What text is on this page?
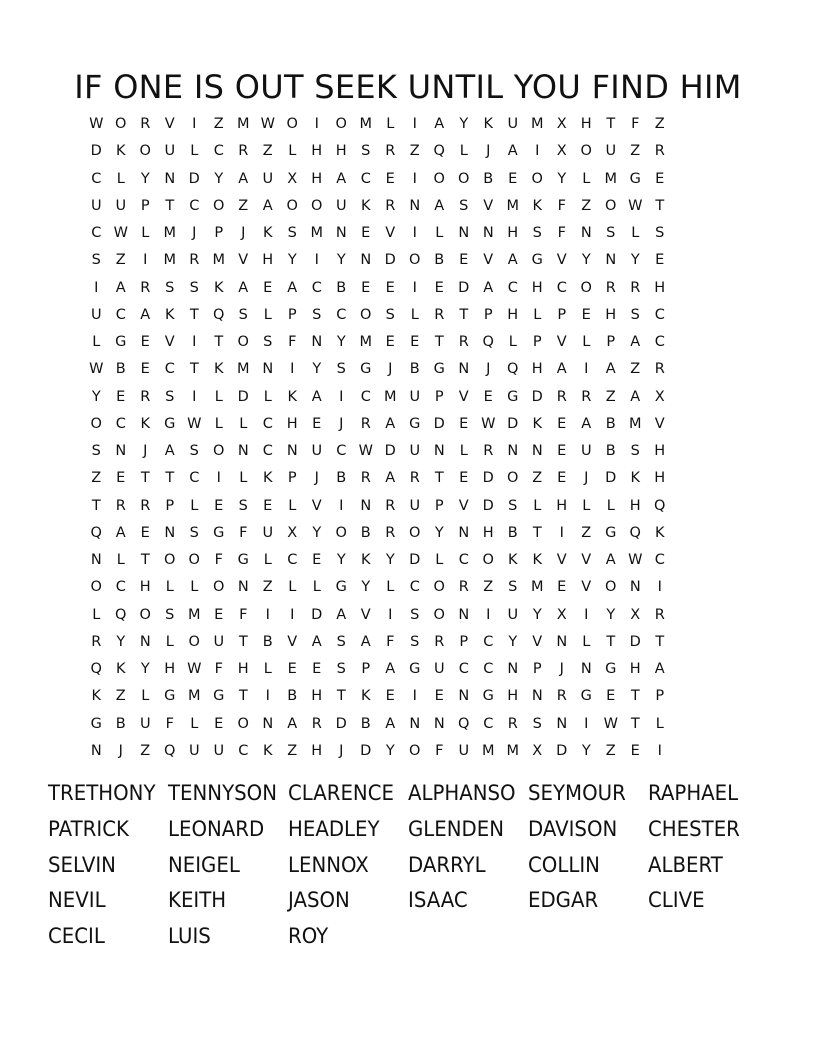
IF ONE IS OUT SEEK UNTIL YOU FIND HIM
W O R	V	I	Z M W O	I	O M L	I	A	Y	K U M X H	T	F	Z
D K O U	L	C R	Z	L	H H S	R	Z Q	L	J	A	I	X O U Z R
C	L	Y	N D Y	A U X H A C	E	I	O O B	E O Y	L M G E
U U	P	T	C O Z	A O O U K	R N A	S	V M K	F	Z O W T
C W L M	J	P	J	K	S M N E	V	I	L	N N H S	F	N S	L	S
S	Z	I	M R M V H	Y	I	Y	N D O B	E	V	A G V	Y	N	Y	E
I	A	R	S	S	K	A	E	A C B	E	E	I	E D A C H C O R R H
U C A	K	T Q S	L	P	S	C O S	L	R	T	P	H	L	P	E H S	C
L	G E	V	I	T O S	F	N	Y M E	E	T	R Q	L	P	V	L	P	A C
W B	E	C	T	K M N	I	Y	S G	J	B G N	J	Q H A	I	A	Z R
Y	E	R	S	I	L	D	L	K	A	I	C M U	P	V	E G D R R	Z	A	X
O C	K G W L	L	C H E	J	R	A G D E W D K	E	A	B M V
S N	J	A	S O N C N U C W D U N	L	R N N E	U B	S H
Z	E	T	T	C	I	L	K	P	J	B R	A	R	T	E D O Z	E	J	D K H
T	R R	P	L	E	S	E	L	V	I	N R U	P	V D S	L	H	L	L	H Q
Q A	E N S G	F	U X	Y O B R O Y	N H B	T	I	Z G Q K
N	L	T O O	F	G	L	C	E	Y	K	Y D	L	C O K	K	V	V	A W C
O C H	L	L	O N Z	L	L	G Y	L	C O R	Z	S M E	V O N	I
L	Q O S M E	F	I	I	D A	V	I	S O N	I	U	Y	X	I	Y	X R
R	Y	N	L	O U	T	B	V	A	S	A	F	S	R	P	C	Y	V N	L	T D T
Q K	Y	H W F	H	L	E	E	S	P	A G U C C N	P	J	N G H A
K	Z	L	G M G T	I	B H	T	K	E	I	E N G H N R G E	T	P
G B U	F	L	E O N A	R D B	A N N Q C R	S N	I	W T	L
N	J	Z Q U U C	K	Z H	J	D Y O	F	U M M X D Y	Z	E	I
TRETHONY TENNYSON CLARENCE ALPHANSO SEYMOUR	RAPHAEL
PATRICK	LEONARD	HEADLEY	GLENDEN	DAVISON	CHESTER
SELVIN	NEIGEL	LENNOX	DARRYL	COLLIN	ALBERT
NEVIL	KEITH	JASON	ISAAC	EDGAR	CLIVE
CECIL	LUIS	ROY
